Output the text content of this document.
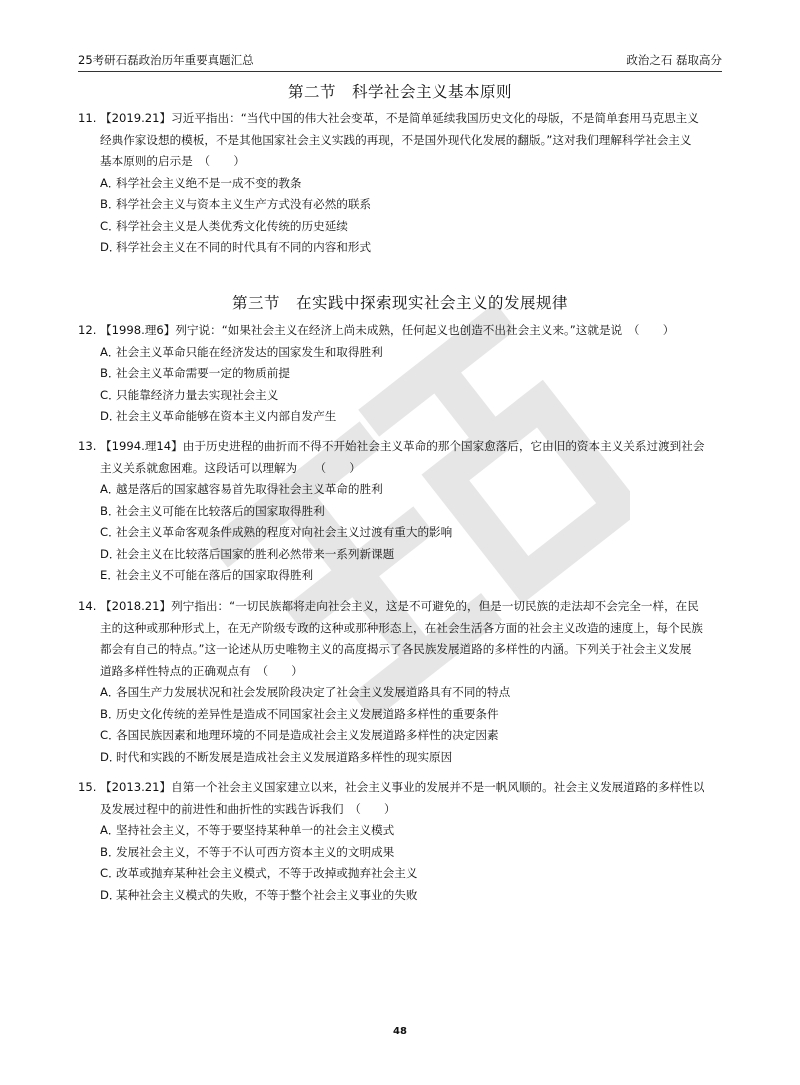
25考研石磊政治历年重要真题汇总	政治之石 磊取高分
第二节　科学社会主义基本原则
11. 【2019.21】习近平指出：“当代中国的伟大社会变革，不是简单延续我国历史文化的母版，不是简单套用马克思主义
经典作家设想的模板，不是其他国家社会主义实践的再现，不是国外现代化发展的翻版。”这对我们理解科学社会主义
基本原则的启示是　（　　）
A．科学社会主义绝不是一成不变的教条
B．科学社会主义与资本主义生产方式没有必然的联系
C．科学社会主义是人类优秀文化传统的历史延续
D．科学社会主义在不同的时代具有不同的内容和形式
第三节　在实践中探索现实社会主义的发展规律
12. 【1998.理6】列宁说：“如果社会主义在经济上尚未成熟，任何起义也创造不出社会主义来。”这就是说　（　　）
A．社会主义革命只能在经济发达的国家发生和取得胜利
B．社会主义革命需要一定的物质前提
C．只能靠经济力量去实现社会主义
D．社会主义革命能够在资本主义内部自发产生
13. 【1994.理14】由于历史进程的曲折而不得不开始社会主义革命的那个国家愈落后，它由旧的资本主义关系过渡到社会
主义关系就愈困难。这段话可以理解为　　（　　）
A．越是落后的国家越容易首先取得社会主义革命的胜利
B．社会主义可能在比较落后的国家取得胜利
C．社会主义革命客观条件成熟的程度对向社会主义过渡有重大的影响
D．社会主义在比较落后国家的胜利必然带来一系列新课题
E．社会主义不可能在落后的国家取得胜利
14. 【2018.21】列宁指出：“一切民族都将走向社会主义，这是不可避免的，但是一切民族的走法却不会完全一样，在民
主的这种或那种形式上，在无产阶级专政的这种或那种形态上，在社会生活各方面的社会主义改造的速度上，每个民族
都会有自己的特点。”这一论述从历史唯物主义的高度揭示了各民族发展道路的多样性的内涵。下列关于社会主义发展
道路多样性特点的正确观点有　（　　）
A．各国生产力发展状况和社会发展阶段决定了社会主义发展道路具有不同的特点
B．历史文化传统的差异性是造成不同国家社会主义发展道路多样性的重要条件
C．各国民族因素和地理环境的不同是造成社会主义发展道路多样性的决定因素
D．时代和实践的不断发展是造成社会主义发展道路多样性的现实原因
15. 【2013.21】自第一个社会主义国家建立以来，社会主义事业的发展并不是一帆风顺的。社会主义发展道路的多样性以
及发展过程中的前进性和曲折性的实践告诉我们　（　　）
A．坚持社会主义，不等于要坚持某种单一的社会主义模式
B．发展社会主义，不等于不认可西方资本主义的文明成果
C．改革或抛弃某种社会主义模式，不等于改掉或抛弃社会主义
D．某种社会主义模式的失败，不等于整个社会主义事业的失败
48
